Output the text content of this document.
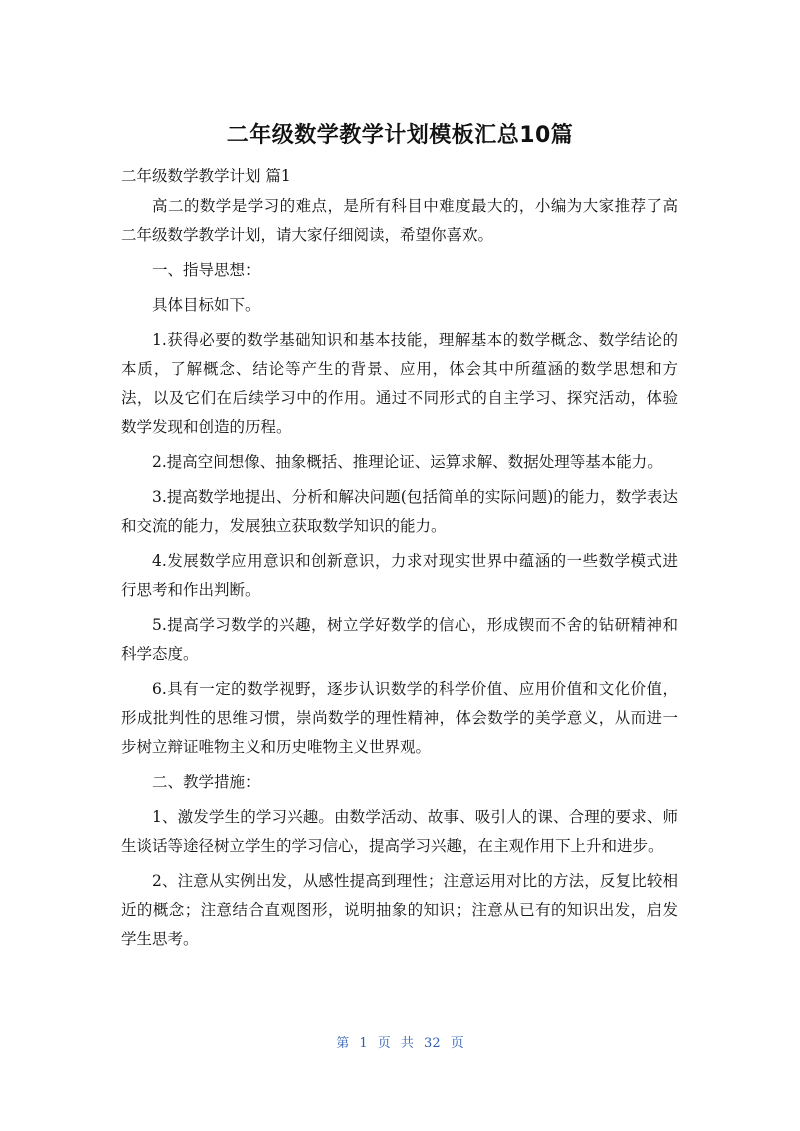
二年级数学教学计划模板汇总10篇

二年级数学教学计划 篇1

高二的数学是学习的难点，是所有科目中难度最大的，小编为大家推荐了高二年级数学教学计划，请大家仔细阅读，希望你喜欢。

一、指导思想：

具体目标如下。

1.获得必要的数学基础知识和基本技能，理解基本的数学概念、数学结论的本质，了解概念、结论等产生的背景、应用，体会其中所蕴涵的数学思想和方法，以及它们在后续学习中的作用。通过不同形式的自主学习、探究活动，体验数学发现和创造的历程。

2.提高空间想像、抽象概括、推理论证、运算求解、数据处理等基本能力。

3.提高数学地提出、分析和解决问题(包括简单的实际问题)的能力，数学表达和交流的能力，发展独立获取数学知识的能力。

4.发展数学应用意识和创新意识，力求对现实世界中蕴涵的一些数学模式进行思考和作出判断。

5.提高学习数学的兴趣，树立学好数学的信心，形成锲而不舍的钻研精神和科学态度。

6.具有一定的数学视野，逐步认识数学的科学价值、应用价值和文化价值，形成批判性的思维习惯，崇尚数学的理性精神，体会数学的美学意义，从而进一步树立辩证唯物主义和历史唯物主义世界观。

二、教学措施：

1、激发学生的学习兴趣。由数学活动、故事、吸引人的课、合理的要求、师生谈话等途径树立学生的学习信心，提高学习兴趣，在主观作用下上升和进步。

2、注意从实例出发，从感性提高到理性；注意运用对比的方法，反复比较相近的概念；注意结合直观图形，说明抽象的知识；注意从已有的知识出发，启发学生思考。

第 1 页 共 32 页
